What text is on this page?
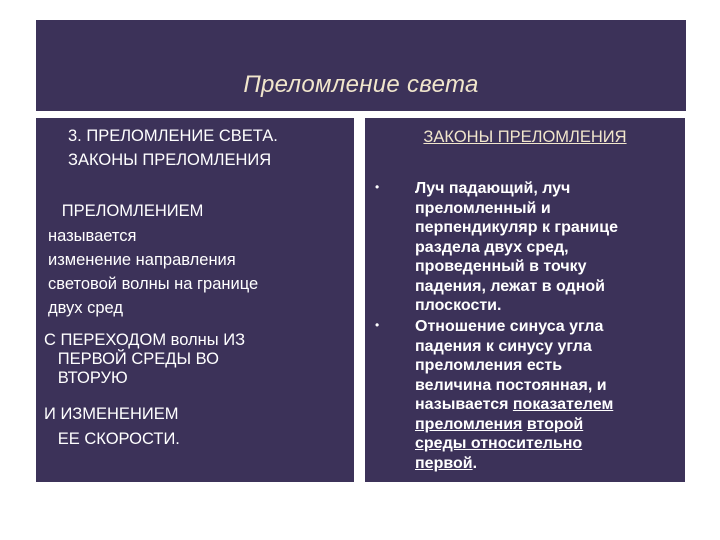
Преломление света

3. ПРЕЛОМЛЕНИЕ СВЕТА.

ЗАКОНЫ ПРЕЛОМЛЕНИЯ

ПРЕЛОМЛЕНИЕМ

называется

изменение направления

световой волны на границе

двух сред

С ПЕРЕХОДОМ волны ИЗ

ПЕРВОЙ СРЕДЫ ВО

ВТОРУЮ

И ИЗМЕНЕНИЕМ

ЕЕ СКОРОСТИ.

ЗАКОНЫ ПРЕЛОМЛЕНИЯ

• Луч падающий, луч

преломленный и

перпендикуляр к границе

раздела двух сред,

проведенный в точку

падения, лежат в одной

плоскости.

• Отношение синуса угла

падения к синусу угла

преломления есть

величина постоянная, и

называется показателем

преломления второй

среды относительно

первой.
